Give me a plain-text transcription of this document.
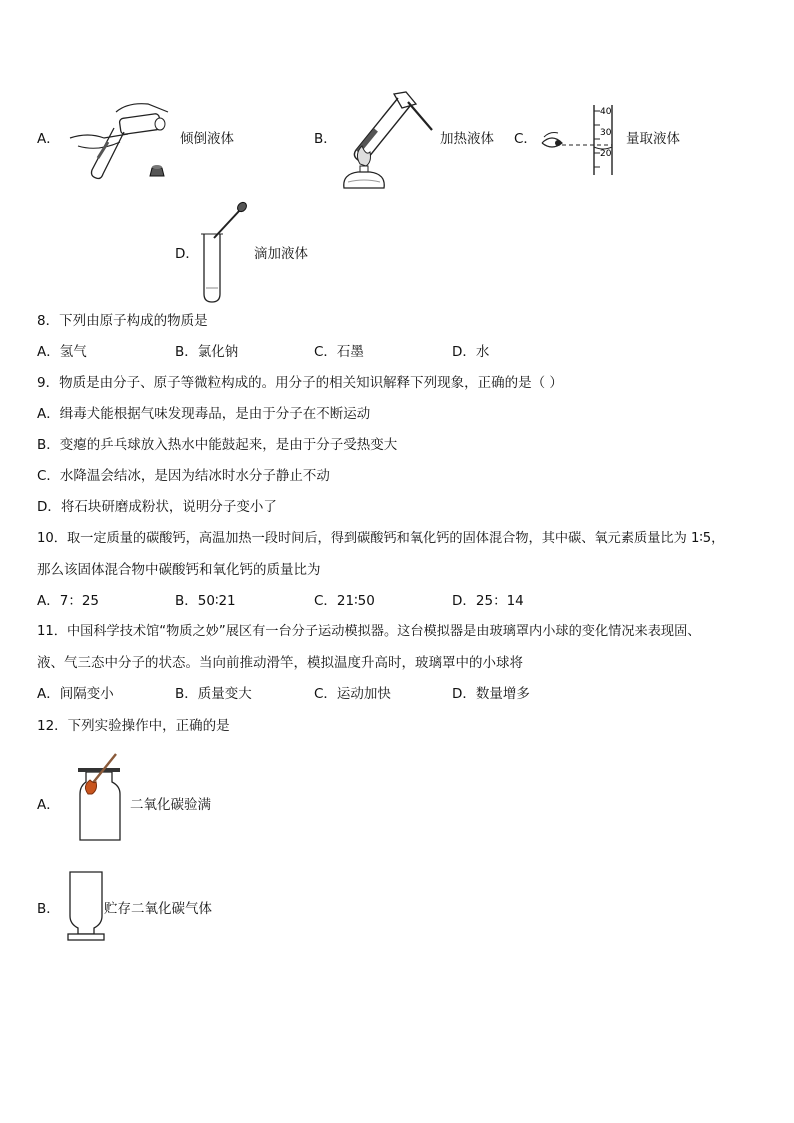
A．	倾倒液体	B．	加热液体 C．
40
30
20
量取液体
D．	滴加液体
8．下列由原子构成的物质是
A．氢气	B．氯化钠	C．石墨	D．水
9．物质是由分子、原子等微粒构成的。用分子的相关知识解释下列现象，正确的是（ ）
A．缉毒犬能根据气味发现毒品，是由于分子在不断运动
B．变瘪的乒乓球放入热水中能鼓起来，是由于分子受热变大
C．水降温会结冰，是因为结冰时水分子静止不动
D．将石块研磨成粉状，说明分子变小了
10．取一定质量的碳酸钙，高温加热一段时间后，得到碳酸钙和氧化钙的固体混合物，其中碳、氧元素质量比为 1∶5，
那么该固体混合物中碳酸钙和氧化钙的质量比为
A．7：25	B．50∶21	C．21∶50	D．25：14
11．中国科学技术馆“物质之妙”展区有一台分子运动模拟器。这台模拟器是由玻璃罩内小球的变化情况来表现固、
液、气三态中分子的状态。当向前推动滑竿，模拟温度升高时，玻璃罩中的小球将
A．间隔变小	B．质量变大	C．运动加快	D．数量增多
12．下列实验操作中，正确的是
A．	二氧化碳验满
B．	贮存二氧化碳气体
